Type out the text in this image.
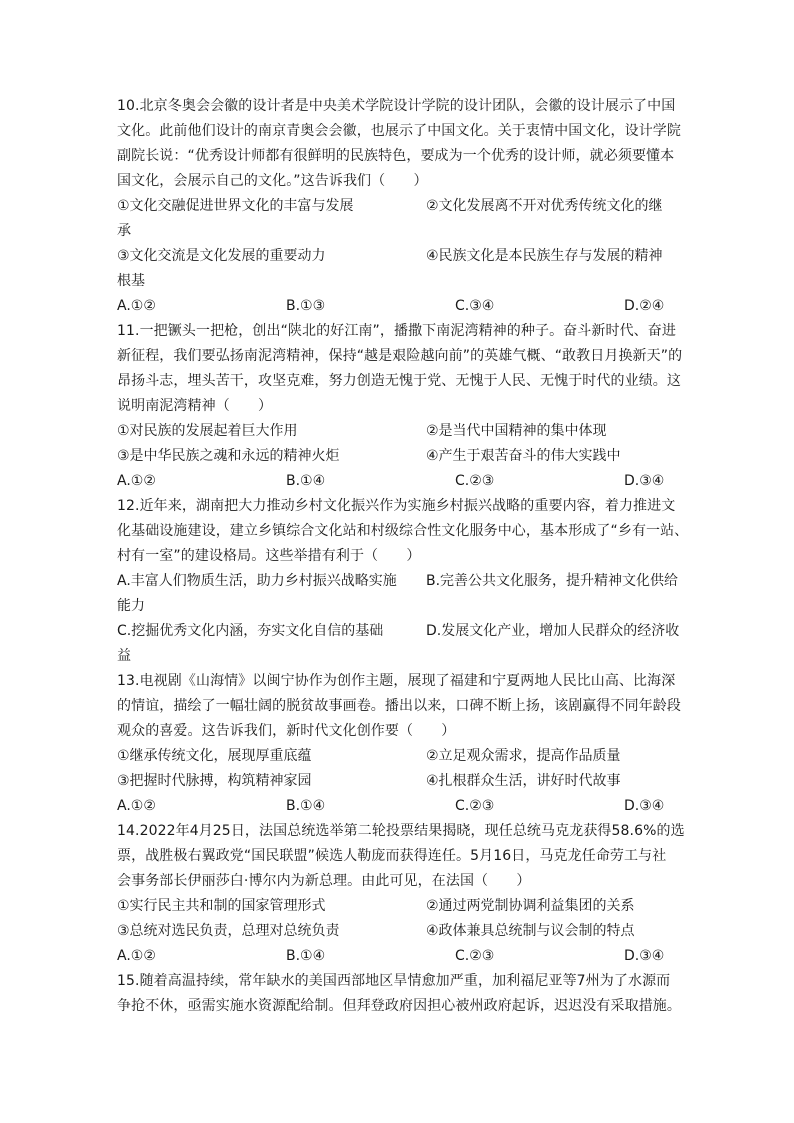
10.北京冬奥会会徽的设计者是中央美术学院设计学院的设计团队，会徽的设计展示了中国
文化。此前他们设计的南京青奥会会徽，也展示了中国文化。关于衷情中国文化，设计学院
副院长说：“优秀设计师都有很鲜明的民族特色，要成为一个优秀的设计师，就必须要懂本
国文化，会展示自己的文化。”这告诉我们（　　）
①文化交融促进世界文化的丰富与发展	②文化发展离不开对优秀传统文化的继
承
③文化交流是文化发展的重要动力	④民族文化是本民族生存与发展的精神
根基
A.①②	B.①③	C.③④	D.②④
11.一把镢头一把枪，创出“陕北的好江南”，播撒下南泥湾精神的种子。奋斗新时代、奋进
新征程，我们要弘扬南泥湾精神，保持“越是艰险越向前”的英雄气概、“敢教日月换新天”的
昂扬斗志，埋头苦干，攻坚克难，努力创造无愧于党、无愧于人民、无愧于时代的业绩。这
说明南泥湾精神（　　）
①对民族的发展起着巨大作用	②是当代中国精神的集中体现
③是中华民族之魂和永远的精神火炬	④产生于艰苦奋斗的伟大实践中
A.①②	B.①④	C.②③	D.③④
12.近年来，湖南把大力推动乡村文化振兴作为实施乡村振兴战略的重要内容，着力推进文
化基础设施建设，建立乡镇综合文化站和村级综合性文化服务中心，基本形成了“乡有一站、
村有一室”的建设格局。这些举措有利于（　　）
A.丰富人们物质生活，助力乡村振兴战略实施	B.完善公共文化服务，提升精神文化供给
能力
C.挖掘优秀文化内涵，夯实文化自信的基础	D.发展文化产业，增加人民群众的经济收
益
13.电视剧《山海情》以闽宁协作为创作主题，展现了福建和宁夏两地人民比山高、比海深
的情谊，描绘了一幅壮阔的脱贫故事画卷。播出以来，口碑不断上扬，该剧赢得不同年龄段
观众的喜爱。这告诉我们，新时代文化创作要（　　）
①继承传统文化，展现厚重底蕴	②立足观众需求，提高作品质量
③把握时代脉搏，构筑精神家园	④扎根群众生活，讲好时代故事
A.①②	B.①④	C.②③	D.③④
14.2022年4月25日，法国总统选举第二轮投票结果揭晓，现任总统马克龙获得58.6%的选
票，战胜极右翼政党“国民联盟”候选人勒庞而获得连任。5月16日，马克龙任命劳工与社
会事务部长伊丽莎白·博尔内为新总理。由此可见，在法国（　　）
①实行民主共和制的国家管理形式	②通过两党制协调利益集团的关系
③总统对选民负责，总理对总统负责	④政体兼具总统制与议会制的特点
A.①②	B.①④	C.②③	D.③④
15.随着高温持续，常年缺水的美国西部地区旱情愈加严重，加利福尼亚等7州为了水源而
争抢不休，亟需实施水资源配给制。但拜登政府因担心被州政府起诉，迟迟没有采取措施。
